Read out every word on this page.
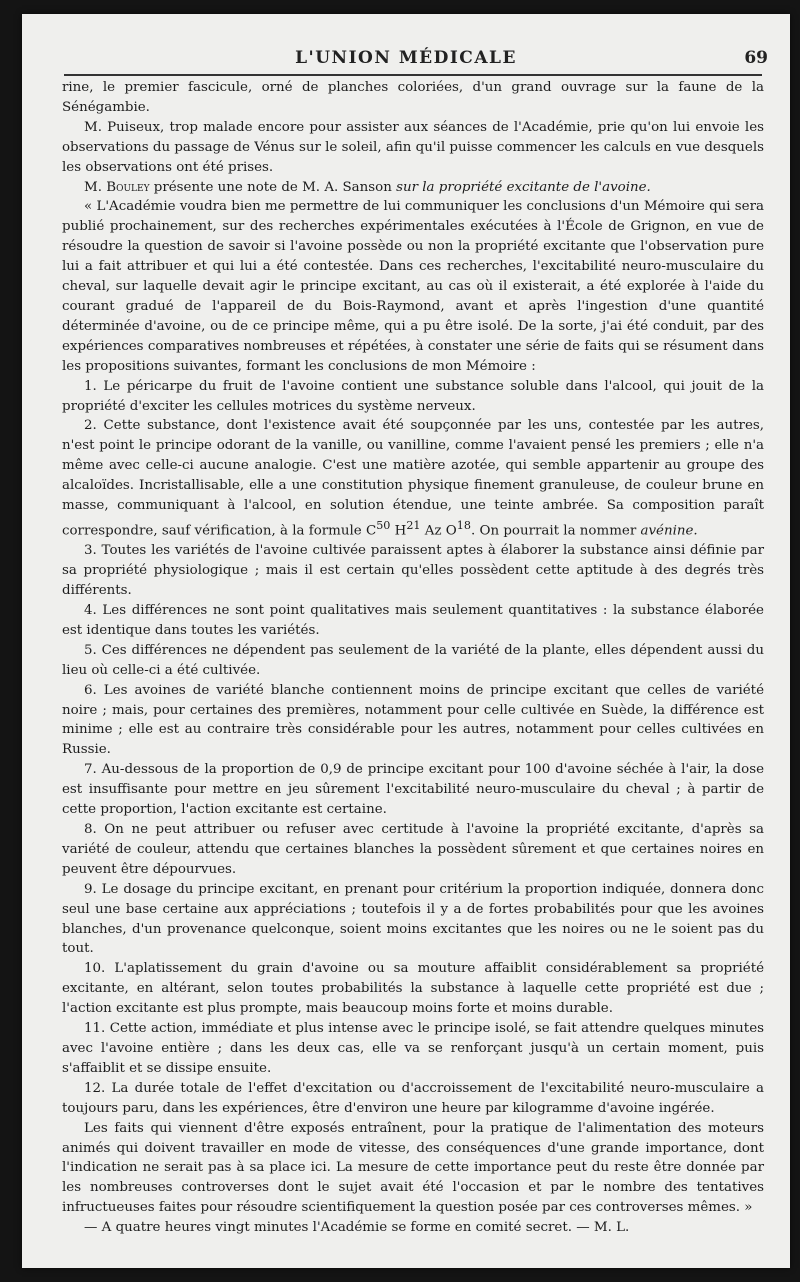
L'UNION MÉDICALE	69

rine, le premier fascicule, orné de planches coloriées, d'un grand ouvrage sur la faune de la Sénégambie.

M. Puiseux, trop malade encore pour assister aux séances de l'Académie, prie qu'on lui envoie les observations du passage de Vénus sur le soleil, afin qu'il puisse commencer les calculs en vue desquels les observations ont été prises.

M. Bouley présente une note de M. A. Sanson sur la propriété excitante de l'avoine.

« L'Académie voudra bien me permettre de lui communiquer les conclusions d'un Mémoire qui sera publié prochainement, sur des recherches expérimentales exécutées à l'École de Grignon, en vue de résoudre la question de savoir si l'avoine possède ou non la propriété excitante que l'observation pure lui a fait attribuer et qui lui a été contestée. Dans ces recherches, l'excitabilité neuro-musculaire du cheval, sur laquelle devait agir le principe excitant, au cas où il existerait, a été explorée à l'aide du courant gradué de l'appareil de du Bois-Raymond, avant et après l'ingestion d'une quantité déterminée d'avoine, ou de ce principe même, qui a pu être isolé. De la sorte, j'ai été conduit, par des expériences comparatives nombreuses et répétées, à constater une série de faits qui se résument dans les propositions suivantes, formant les conclusions de mon Mémoire :

1. Le péricarpe du fruit de l'avoine contient une substance soluble dans l'alcool, qui jouit de la propriété d'exciter les cellules motrices du système nerveux.

2. Cette substance, dont l'existence avait été soupçonnée par les uns, contestée par les autres, n'est point le principe odorant de la vanille, ou vanilline, comme l'avaient pensé les premiers ; elle n'a même avec celle-ci aucune analogie. C'est une matière azotée, qui semble appartenir au groupe des alcaloïdes. Incristallisable, elle a une constitution physique finement granuleuse, de couleur brune en masse, communiquant à l'alcool, en solution étendue, une teinte ambrée. Sa composition paraît correspondre, sauf vérification, à la formule $C^{50}$ $H^{21}$ Az $O^{18}$. On pourrait la nommer avénine.

3. Toutes les variétés de l'avoine cultivée paraissent aptes à élaborer la substance ainsi définie par sa propriété physiologique ; mais il est certain qu'elles possèdent cette aptitude à des degrés très différents.

4. Les différences ne sont point qualitatives mais seulement quantitatives : la substance élaborée est identique dans toutes les variétés.

5. Ces différences ne dépendent pas seulement de la variété de la plante, elles dépendent aussi du lieu où celle-ci a été cultivée.

6. Les avoines de variété blanche contiennent moins de principe excitant que celles de variété noire ; mais, pour certaines des premières, notamment pour celle cultivée en Suède, la différence est minime ; elle est au contraire très considérable pour les autres, notamment pour celles cultivées en Russie.

7. Au-dessous de la proportion de 0,9 de principe excitant pour 100 d'avoine séchée à l'air, la dose est insuffisante pour mettre en jeu sûrement l'excitabilité neuro-musculaire du cheval ; à partir de cette proportion, l'action excitante est certaine.

8. On ne peut attribuer ou refuser avec certitude à l'avoine la propriété excitante, d'après sa variété de couleur, attendu que certaines blanches la possèdent sûrement et que certaines noires en peuvent être dépourvues.

9. Le dosage du principe excitant, en prenant pour critérium la proportion indiquée, donnera donc seul une base certaine aux appréciations ; toutefois il y a de fortes probabilités pour que les avoines blanches, d'un provenance quelconque, soient moins excitantes que les noires ou ne le soient pas du tout.

10. L'aplatissement du grain d'avoine ou sa mouture affaiblit considérablement sa propriété excitante, en altérant, selon toutes probabilités la substance à laquelle cette propriété est due ; l'action excitante est plus prompte, mais beaucoup moins forte et moins durable.

11. Cette action, immédiate et plus intense avec le principe isolé, se fait attendre quelques minutes avec l'avoine entière ; dans les deux cas, elle va se renforçant jusqu'à un certain moment, puis s'affaiblit et se dissipe ensuite.

12. La durée totale de l'effet d'excitation ou d'accroissement de l'excitabilité neuro-musculaire a toujours paru, dans les expériences, être d'environ une heure par kilogramme d'avoine ingérée.

Les faits qui viennent d'être exposés entraînent, pour la pratique de l'alimentation des moteurs animés qui doivent travailler en mode de vitesse, des conséquences d'une grande importance, dont l'indication ne serait pas à sa place ici. La mesure de cette importance peut du reste être donnée par les nombreuses controverses dont le sujet avait été l'occasion et par le nombre des tentatives infructueuses faites pour résoudre scientifiquement la question posée par ces controverses mêmes. »

— A quatre heures vingt minutes l'Académie se forme en comité secret. — M. L.
